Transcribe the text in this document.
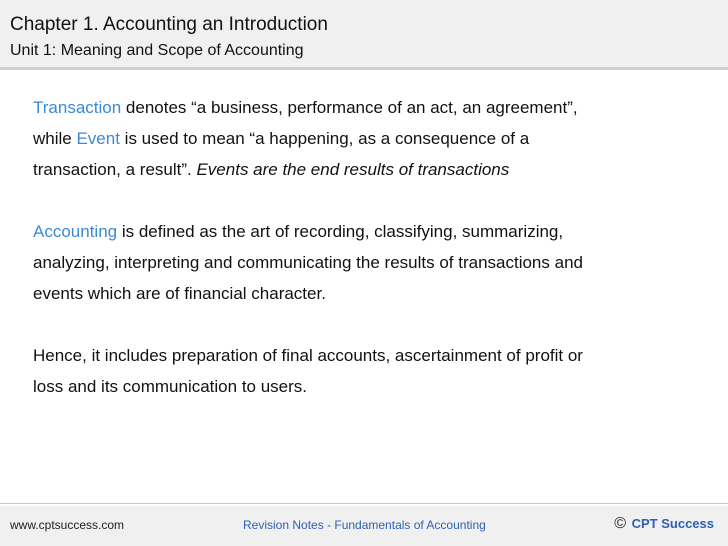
Chapter 1. Accounting an Introduction
Unit 1: Meaning and Scope of Accounting

Transaction denotes “a business, performance of an act, an agreement”,
while Event is used to mean “a happening, as a consequence of a
transaction, a result”. Events are the end results of transactions

Accounting is defined as the art of recording, classifying, summarizing,
analyzing, interpreting and communicating the results of transactions and
events which are of financial character.

Hence, it includes preparation of final accounts, ascertainment of profit or
loss and its communication to users.

www.cptsuccess.com	Revision Notes - Fundamentals of Accounting	© CPT Success
